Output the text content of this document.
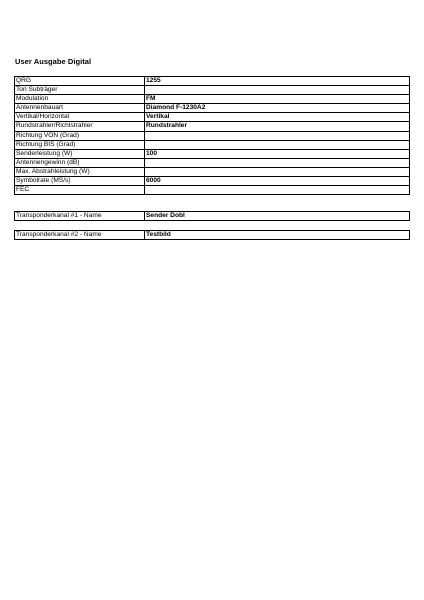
User Ausgabe Digital
QRG	1255
Ton Subträger	
Modulation	FM
Antennenbauart	Diamond F-1230A2
Vertikal/Horizontal	Vertikal
Rundstrahler/Richtstrahler	Rundstrahler
Richtung VON (Grad)	
Richtung BIS (Grad)	
Senderleistung (W)	100
Antennengewinn (dB)	
Max. Abstrahleistung (W)	
Symbolrate (MS/s)	6000
FEC	
Transponderkanal #1 - Name	Sender Dobl
Transponderkanal #2 - Name	Testbild
